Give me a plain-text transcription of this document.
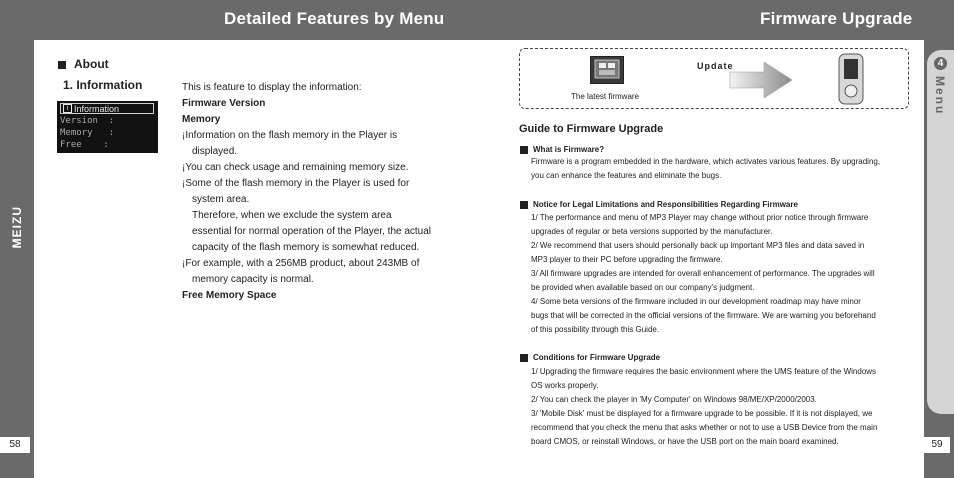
Detailed Features by Menu	Firmware Upgrade
MEIZU
4
Menu
58	59
About
1. Information
i Information
Version  :
Memory   :
Free    :

This is feature to display the information:

Firmware Version

Memory

¡Information on the flash memory in the Player is

displayed.

¡You can check usage and remaining memory size.

¡Some of the flash memory in the Player is used for

system area.

Therefore, when we exclude the system area

essential for normal operation of the Player, the actual

capacity of the flash memory is somewhat reduced.

¡For example, with a 256MB product, about 243MB of

memory capacity is normal.

Free Memory Space

The latest firmware
Update
Guide to Firmware Upgrade
What is Firmware?

Firmware is a program embedded in the hardware, which activates various features. By upgrading,

you can enhance the features and eliminate the bugs.

Notice for Legal Limitations and Responsibilities Regarding Firmware

1/ The performance and menu of MP3 Player may change without prior notice through firmware

upgrades of regular or beta versions supported by the manufacturer.

2/ We recommend that users should personally back up important MP3 files and data saved in

MP3 player to their PC before upgrading the firmware.

3/ All firmware upgrades are intended for overall enhancement of performance. The upgrades will

be provided when available based on our company's judgment.

4/ Some beta versions of the firmware included in our development roadmap may have minor

bugs that will be corrected in the official versions of the firmware. We are warning you beforehand

of this possibility through this Guide.

Conditions for Firmware Upgrade

1/ Upgrading the firmware requires the basic environment where the UMS feature of the Windows

OS works properly.

2/ You can check the player in 'My Computer' on Windows 98/ME/XP/2000/2003.

3/ 'Mobile Disk' must be displayed for a firmware upgrade to be possible. If it is not displayed, we

recommend that you check the menu that asks whether or not to use a USB Device from the main

board CMOS, or reinstall Windows, or have the USB port on the main board examined.
